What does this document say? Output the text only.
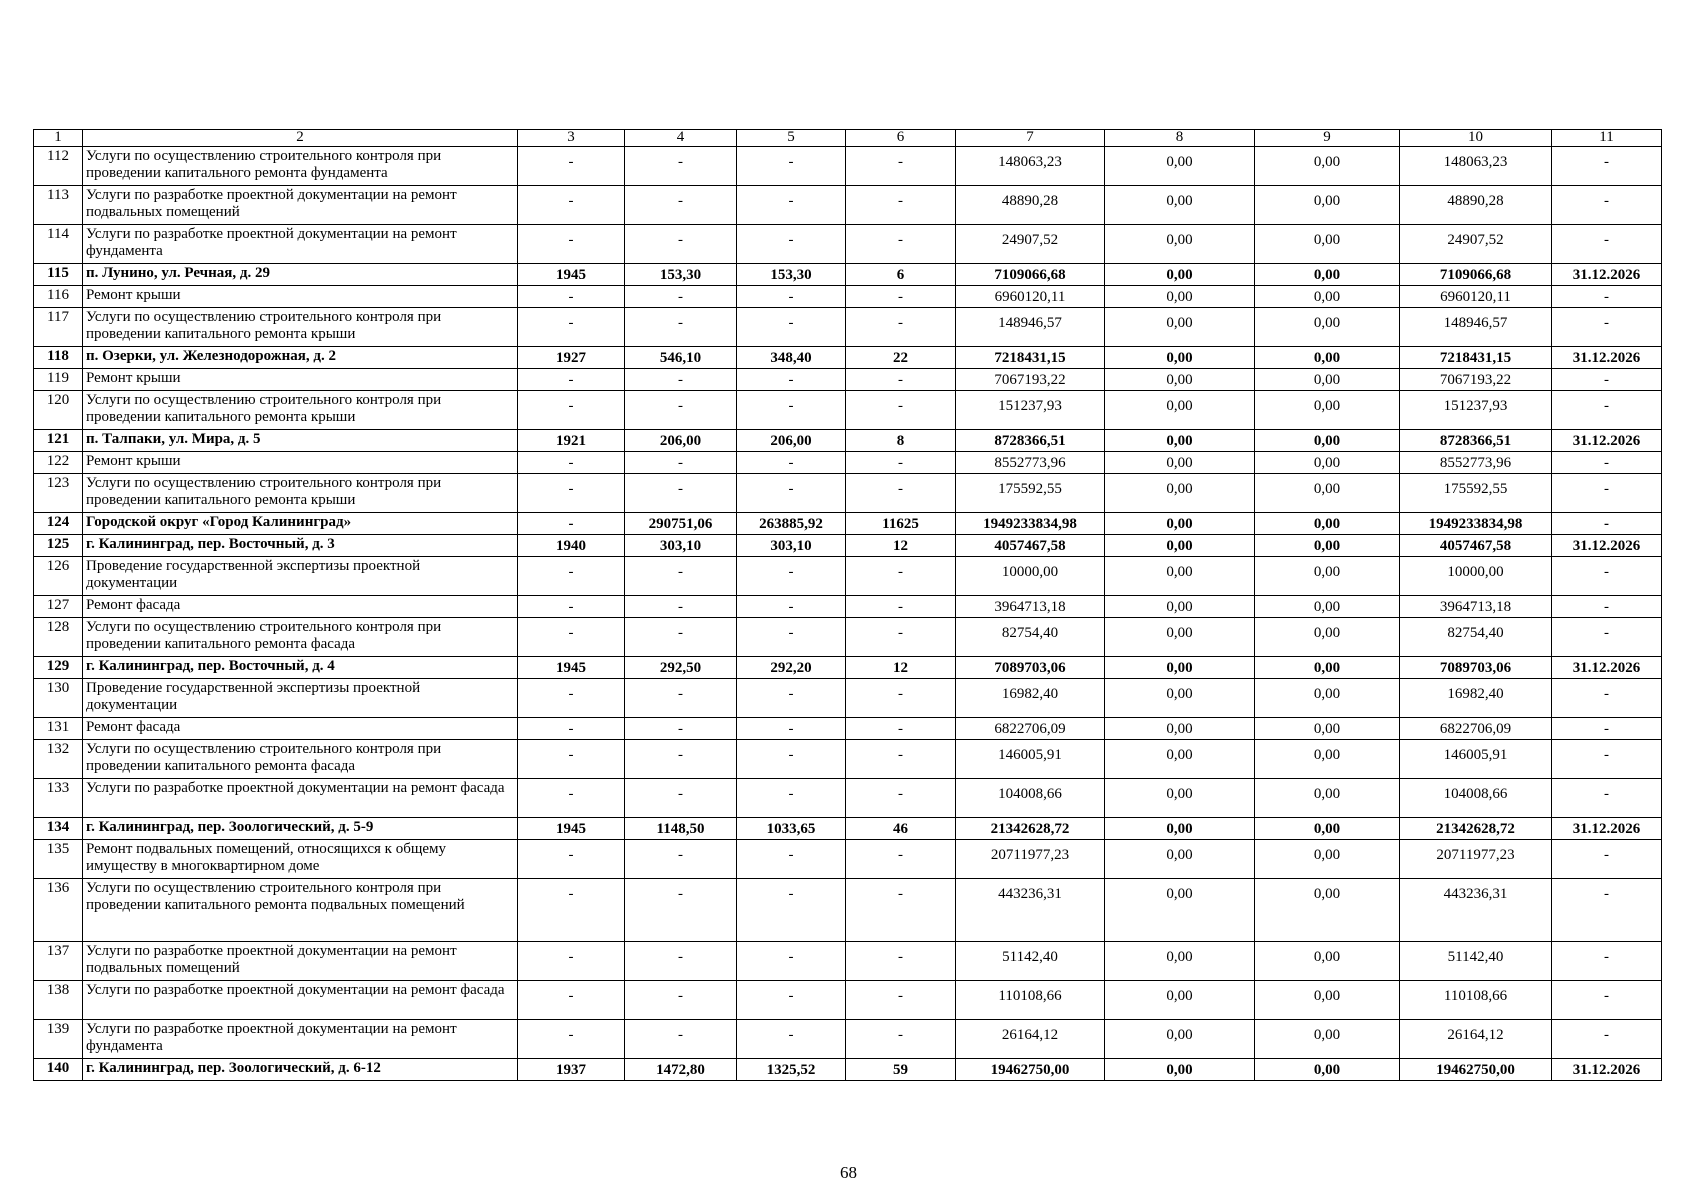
1	2	3	4	5	6	7	8	9	10	11
112	Услуги по осуществлению строительного контроля при проведении капитального ремонта фундамента	-	-	-	-	148063,23	0,00	0,00	148063,23	-
113	Услуги по разработке проектной документации на ремонт подвальных помещений	-	-	-	-	48890,28	0,00	0,00	48890,28	-
114	Услуги по разработке проектной документации на ремонт фундамента	-	-	-	-	24907,52	0,00	0,00	24907,52	-
115	п. Лунино, ул. Речная, д. 29	1945	153,30	153,30	6	7109066,68	0,00	0,00	7109066,68	31.12.2026
116	Ремонт крыши	-	-	-	-	6960120,11	0,00	0,00	6960120,11	-
117	Услуги по осуществлению строительного контроля при проведении капитального ремонта крыши	-	-	-	-	148946,57	0,00	0,00	148946,57	-
118	п. Озерки, ул. Железнодорожная, д. 2	1927	546,10	348,40	22	7218431,15	0,00	0,00	7218431,15	31.12.2026
119	Ремонт крыши	-	-	-	-	7067193,22	0,00	0,00	7067193,22	-
120	Услуги по осуществлению строительного контроля при проведении капитального ремонта крыши	-	-	-	-	151237,93	0,00	0,00	151237,93	-
121	п. Талпаки, ул. Мира, д. 5	1921	206,00	206,00	8	8728366,51	0,00	0,00	8728366,51	31.12.2026
122	Ремонт крыши	-	-	-	-	8552773,96	0,00	0,00	8552773,96	-
123	Услуги по осуществлению строительного контроля при проведении капитального ремонта крыши	-	-	-	-	175592,55	0,00	0,00	175592,55	-
124	Городской округ «Город Калининград»	-	290751,06	263885,92	11625	1949233834,98	0,00	0,00	1949233834,98	-
125	г. Калининград, пер. Восточный, д. 3	1940	303,10	303,10	12	4057467,58	0,00	0,00	4057467,58	31.12.2026
126	Проведение государственной экспертизы проектной документации	-	-	-	-	10000,00	0,00	0,00	10000,00	-
127	Ремонт фасада	-	-	-	-	3964713,18	0,00	0,00	3964713,18	-
128	Услуги по осуществлению строительного контроля при проведении капитального ремонта фасада	-	-	-	-	82754,40	0,00	0,00	82754,40	-
129	г. Калининград, пер. Восточный, д. 4	1945	292,50	292,20	12	7089703,06	0,00	0,00	7089703,06	31.12.2026
130	Проведение государственной экспертизы проектной документации	-	-	-	-	16982,40	0,00	0,00	16982,40	-
131	Ремонт фасада	-	-	-	-	6822706,09	0,00	0,00	6822706,09	-
132	Услуги по осуществлению строительного контроля при проведении капитального ремонта фасада	-	-	-	-	146005,91	0,00	0,00	146005,91	-
133	Услуги по разработке проектной документации на ремонт фасада	-	-	-	-	104008,66	0,00	0,00	104008,66	-
134	г. Калининград, пер. Зоологический, д. 5-9	1945	1148,50	1033,65	46	21342628,72	0,00	0,00	21342628,72	31.12.2026
135	Ремонт подвальных помещений, относящихся к общему имуществу в многоквартирном доме	-	-	-	-	20711977,23	0,00	0,00	20711977,23	-
136	Услуги по осуществлению строительного контроля при проведении капитального ремонта подвальных помещений	-	-	-	-	443236,31	0,00	0,00	443236,31	-
137	Услуги по разработке проектной документации на ремонт подвальных помещений	-	-	-	-	51142,40	0,00	0,00	51142,40	-
138	Услуги по разработке проектной документации на ремонт фасада	-	-	-	-	110108,66	0,00	0,00	110108,66	-
139	Услуги по разработке проектной документации на ремонт фундамента	-	-	-	-	26164,12	0,00	0,00	26164,12	-
140	г. Калининград, пер. Зоологический, д. 6-12	1937	1472,80	1325,52	59	19462750,00	0,00	0,00	19462750,00	31.12.2026
68
